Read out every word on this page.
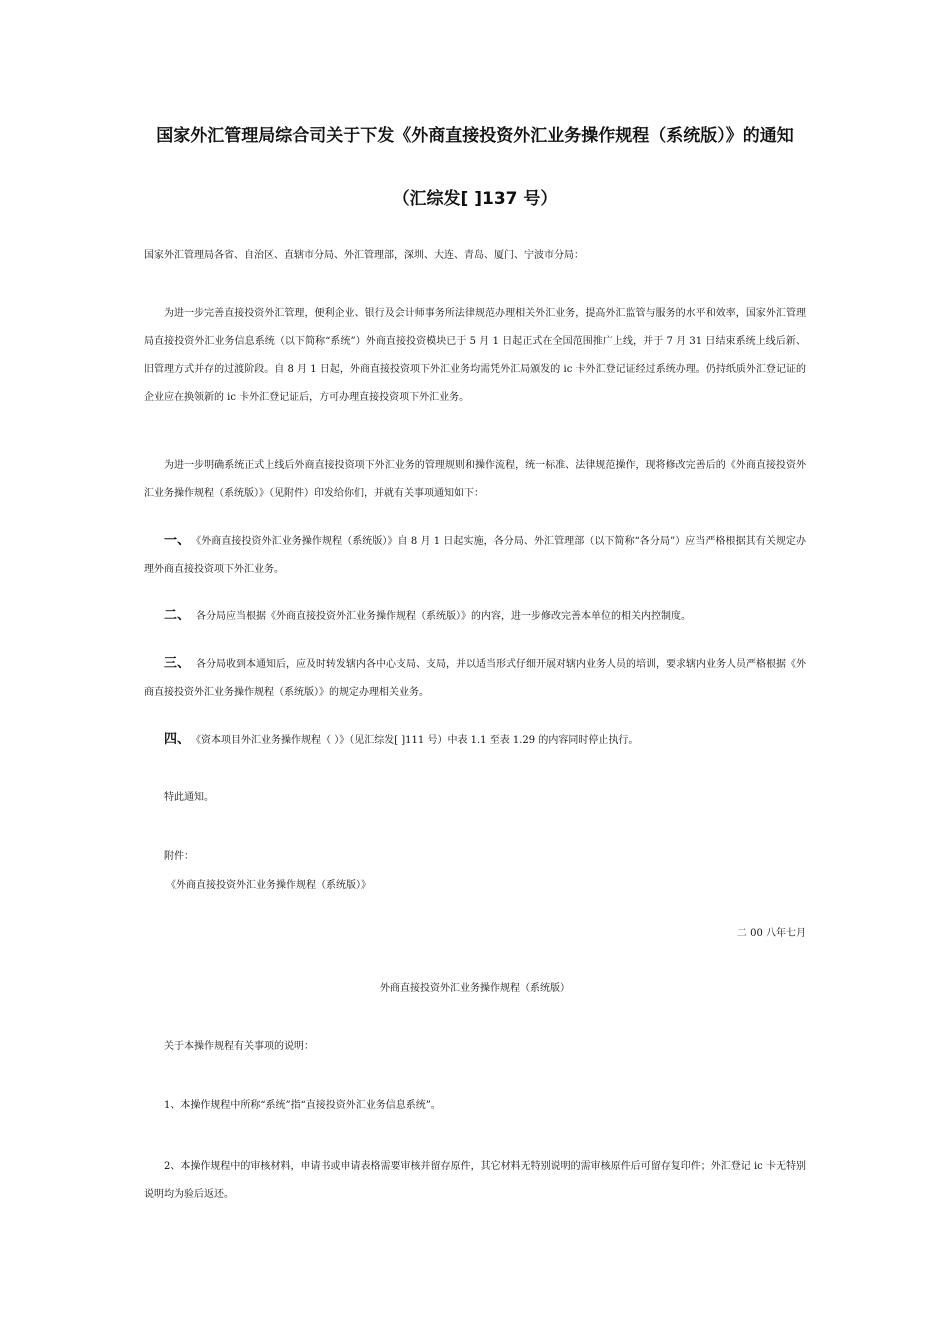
国家外汇管理局综合司关于下发《外商直接投资外汇业务操作规程（系统版）》的通知

（汇综发[ ]137 号）

国家外汇管理局各省、自治区、直辖市分局、外汇管理部，深圳、大连、青岛、厦门、宁波市分局：

为进一步完善直接投资外汇管理，便利企业、银行及会计师事务所法律规范办理相关外汇业务，提高外汇监管与服务的水平和效率，国家外汇管理局直接投资外汇业务信息系统（以下简称“系统”）外商直接投资模块已于 5 月 1 日起正式在全国范围推广上线，并于 7 月 31 日结束系统上线后新、旧管理方式并存的过渡阶段。自 8 月 1 日起，外商直接投资项下外汇业务均需凭外汇局颁发的 ic 卡外汇登记证经过系统办理。仍持纸质外汇登记证的企业应在换领新的 ic 卡外汇登记证后，方可办理直接投资项下外汇业务。

为进一步明确系统正式上线后外商直接投资项下外汇业务的管理规则和操作流程，统一标准、法律规范操作，现将修改完善后的《外商直接投资外汇业务操作规程（系统版）》（见附件）印发给你们，并就有关事项通知如下：

一、 《外商直接投资外汇业务操作规程（系统版）》自 8 月 1 日起实施，各分局、外汇管理部（以下简称“各分局”）应当严格根据其有关规定办理外商直接投资项下外汇业务。

二、 各分局应当根据《外商直接投资外汇业务操作规程（系统版）》的内容，进一步修改完善本单位的相关内控制度。

三、 各分局收到本通知后，应及时转发辖内各中心支局、支局，并以适当形式仔细开展对辖内业务人员的培训，要求辖内业务人员严格根据《外商直接投资外汇业务操作规程（系统版）》的规定办理相关业务。

四、 《资本项目外汇业务操作规程（ ）》（见汇综发[ ]111 号）中表 1.1 至表 1.29 的内容同时停止执行。

特此通知。

附件：

《外商直接投资外汇业务操作规程（系统版）》

二 00 八年七月

外商直接投资外汇业务操作规程（系统版）

关于本操作规程有关事项的说明：

1、本操作规程中所称“系统”指“直接投资外汇业务信息系统”。

2、本操作规程中的审核材料，申请书或申请表格需要审核并留存原件，其它材料无特别说明的需审核原件后可留存复印件；外汇登记 ic 卡无特别说明均为验后返还。
